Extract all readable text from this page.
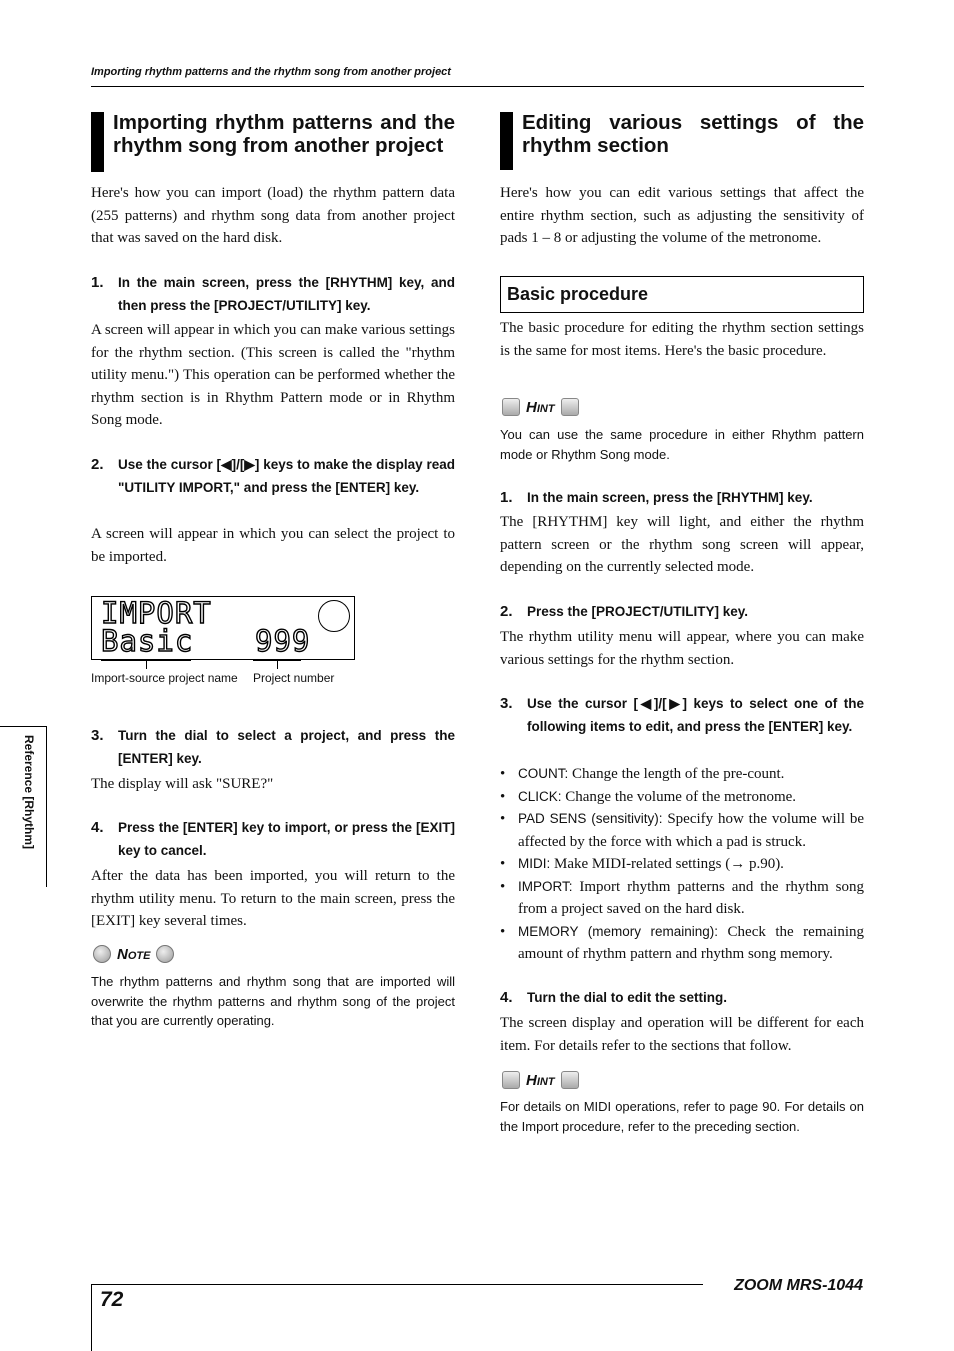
Importing rhythm patterns and the rhythm song from another project
Importing rhythm patterns and the rhythm song from another project
Here's how you can import (load) the rhythm pattern data (255 patterns) and rhythm song data from another project that was saved on the hard disk.
1.	In the main screen, press the [RHYTHM] key, and then press the [PROJECT/UTILITY] key.
A screen will appear in which you can make various settings for the rhythm section. (This screen is called the "rhythm utility menu.") This operation can be performed whether the rhythm section is in Rhythm Pattern mode or in Rhythm Song mode.
2.	Use the cursor [◀]/[▶] keys to make the display read "UTILITY IMPORT," and press the [ENTER] key.
A screen will appear in which you can select the project to be imported.
IMPORT
Basic 999
Import-source project name Project number
3.	Turn the dial to select a project, and press the [ENTER] key.
The display will ask "SURE?"
4.	Press the [ENTER] key to import, or press the [EXIT] key to cancel.
After the data has been imported, you will return to the rhythm utility menu. To return to the main screen, press the [EXIT] key several times.
Note
The rhythm patterns and rhythm song that are imported will overwrite the rhythm patterns and rhythm song of the project that you are currently operating.
Editing various settings of the rhythm section
Here's how you can edit various settings that affect the entire rhythm section, such as adjusting the sensitivity of pads 1 – 8 or adjusting the volume of the metronome.
Basic procedure
The basic procedure for editing the rhythm section settings is the same for most items. Here's the basic procedure.
Hint
You can use the same procedure in either Rhythm pattern mode or Rhythm Song mode.
1.	In the main screen, press the [RHYTHM] key.
The [RHYTHM] key will light, and either the rhythm pattern screen or the rhythm song screen will appear, depending on the currently selected mode.
2.	Press the [PROJECT/UTILITY] key.
The rhythm utility menu will appear, where you can make various settings for the rhythm section.
3.	Use the cursor [◀]/[▶] keys to select one of the following items to edit, and press the [ENTER] key.
• COUNT: Change the length of the pre-count.
• CLICK: Change the volume of the metronome.
• PAD SENS (sensitivity): Specify how the volume will be affected by the force with which a pad is struck.
• MIDI: Make MIDI-related settings (→ p.90).
• IMPORT: Import rhythm patterns and the rhythm song from a project saved on the hard disk.
• MEMORY (memory remaining): Check the remaining amount of rhythm pattern and rhythm song memory.
4.	Turn the dial to edit the setting.
The screen display and operation will be different for each item. For details refer to the sections that follow.
Hint
For details on MIDI operations, refer to page 90. For details on the Import procedure, refer to the preceding section.
Reference [Rhythm]
72
ZOOM MRS-1044
